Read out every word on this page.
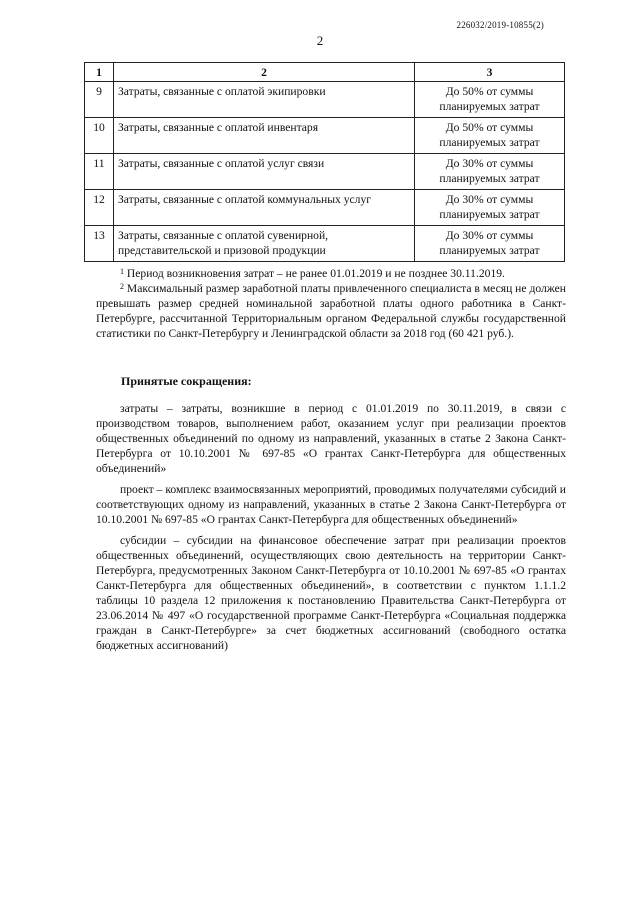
226032/2019-10855(2)
2
1	2	3
9	Затраты, связанные с оплатой экипировки	До 50% от суммы планируемых затрат
10	Затраты, связанные с оплатой инвентаря	До 50% от суммы планируемых затрат
11	Затраты, связанные с оплатой услуг связи	До 30% от суммы планируемых затрат
12	Затраты, связанные с оплатой коммунальных услуг	До 30% от суммы планируемых затрат
13	Затраты, связанные с оплатой сувенирной, представительской и призовой продукции	До 30% от суммы планируемых затрат

$^1$ Период возникновения затрат – не ранее 01.01.2019 и не позднее 30.11.2019.

$^2$ Максимальный размер заработной платы привлеченного специалиста в месяц не должен превышать размер средней номинальной заработной платы одного работника в Санкт-Петербурге, рассчитанной Территориальным органом Федеральной службы государственной статистики по Санкт-Петербургу и Ленинградской области за 2018 год (60 421 руб.).

Принятые сокращения:

затраты – затраты, возникшие в период с 01.01.2019 по 30.11.2019, в связи с производством товаров, выполнением работ, оказанием услуг при реализации проектов общественных объединений по одному из направлений, указанных в статье 2 Закона Санкт-Петербурга от 10.10.2001 № 697-85 «О грантах Санкт-Петербурга для общественных объединений»

проект – комплекс взаимосвязанных мероприятий, проводимых получателями субсидий и соответствующих одному из направлений, указанных в статье 2 Закона Санкт-Петербурга от 10.10.2001 № 697-85 «О грантах Санкт-Петербурга для общественных объединений»

субсидии – субсидии на финансовое обеспечение затрат при реализации проектов общественных объединений, осуществляющих свою деятельность на территории Санкт-Петербурга, предусмотренных Законом Санкт-Петербурга от 10.10.2001 № 697-85 «О грантах Санкт-Петербурга для общественных объединений», в соответствии с пунктом 1.1.1.2 таблицы 10 раздела 12 приложения к постановлению Правительства Санкт-Петербурга от 23.06.2014 № 497 «О государственной программе Санкт-Петербурга «Социальная поддержка граждан в Санкт-Петербурге» за счет бюджетных ассигнований (свободного остатка бюджетных ассигнований)
